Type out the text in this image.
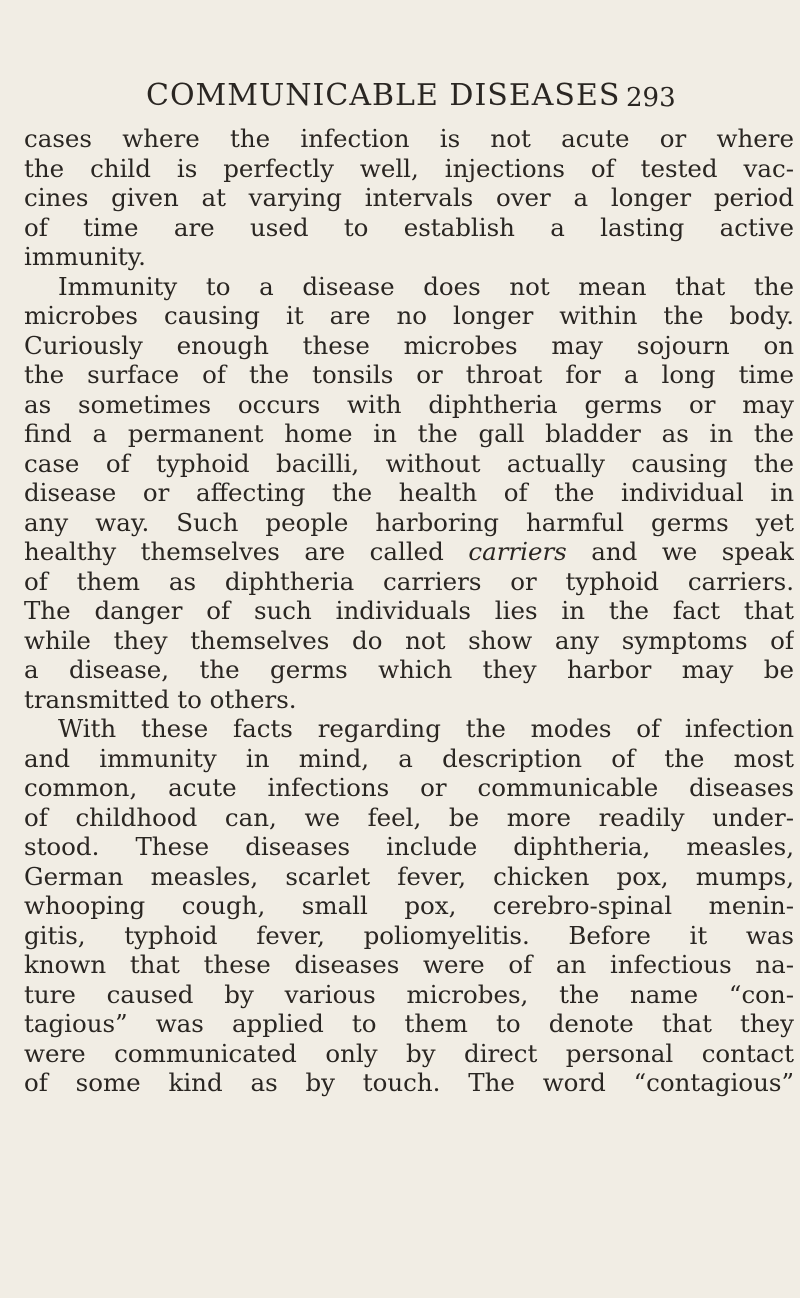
COMMUNICABLE DISEASES 293
cases where the infection is not acute or where
the child is perfectly well, injections of tested vac-
cines given at varying intervals over a longer period
of time are used to establish a lasting active
immunity.
Immunity to a disease does not mean that the
microbes causing it are no longer within the body.
Curiously enough these microbes may sojourn on
the surface of the tonsils or throat for a long time
as sometimes occurs with diphtheria germs or may
find a permanent home in the gall bladder as in the
case of typhoid bacilli, without actually causing the
disease or affecting the health of the individual in
any way. Such people harboring harmful germs yet
healthy themselves are called carriers and we speak
of them as diphtheria carriers or typhoid carriers.
The danger of such individuals lies in the fact that
while they themselves do not show any symptoms of
a disease, the germs which they harbor may be
transmitted to others.
With these facts regarding the modes of infection
and immunity in mind, a description of the most
common, acute infections or communicable diseases
of childhood can, we feel, be more readily under-
stood. These diseases include diphtheria, measles,
German measles, scarlet fever, chicken pox, mumps,
whooping cough, small pox, cerebro-spinal menin-
gitis, typhoid fever, poliomyelitis. Before it was
known that these diseases were of an infectious na-
ture caused by various microbes, the name “con-
tagious” was applied to them to denote that they
were communicated only by direct personal contact
of some kind as by touch. The word “contagious”
